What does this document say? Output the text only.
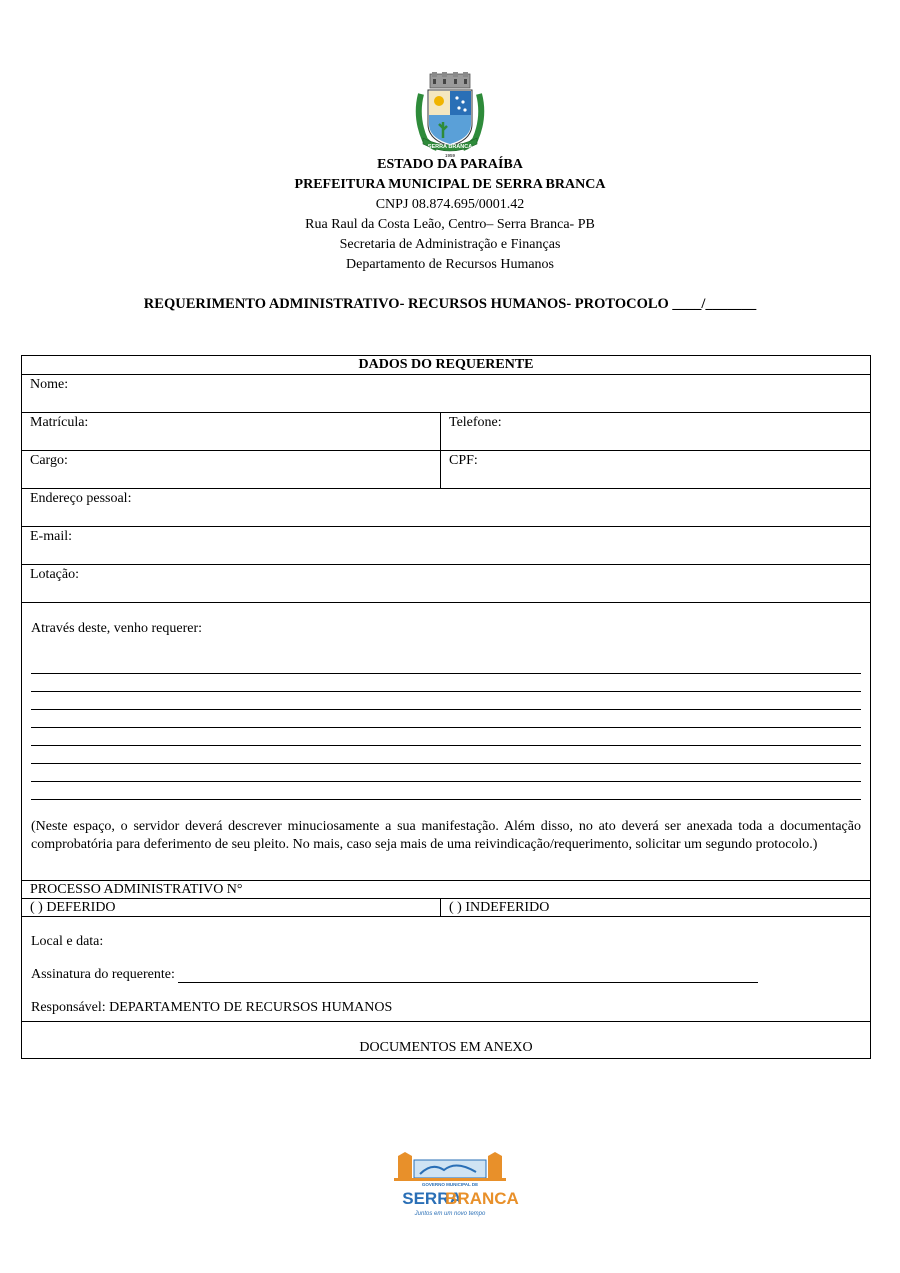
SERRA BRANCA
1959
ESTADO DA PARAÍBA
PREFEITURA MUNICIPAL DE SERRA BRANCA
CNPJ 08.874.695/0001.42
Rua Raul da Costa Leão, Centro– Serra Branca- PB
Secretaria de Administração e Finanças
Departamento de Recursos Humanos
REQUERIMENTO ADMINISTRATIVO- RECURSOS HUMANOS- PROTOCOLO ____/_______
DADOS DO REQUERENTE	
Nome:	
Matrícula:	Telefone:
Cargo:	CPF:
Endereço pessoal:	
E-mail:	
Lotação:	

Através deste, venho requerer:
(Neste espaço, o servidor deverá descrever minuciosamente a sua manifestação. Além disso, no ato deverá ser anexada toda a documentação comprobatória para deferimento de seu pleito. No mais, caso seja mais de uma reivindicação/requerimento, solicitar um segundo protocolo.)	

PROCESSO ADMINISTRATIVO N°	
( ) DEFERIDO	( ) INDEFERIDO

Local e data:

Assinatura do requerente:

Responsável: DEPARTAMENTO DE RECURSOS HUMANOS	

DOCUMENTOS EM ANEXO	
GOVERNO MUNICIPAL DE
SERRA
BRANCA
Juntos em um novo tempo
